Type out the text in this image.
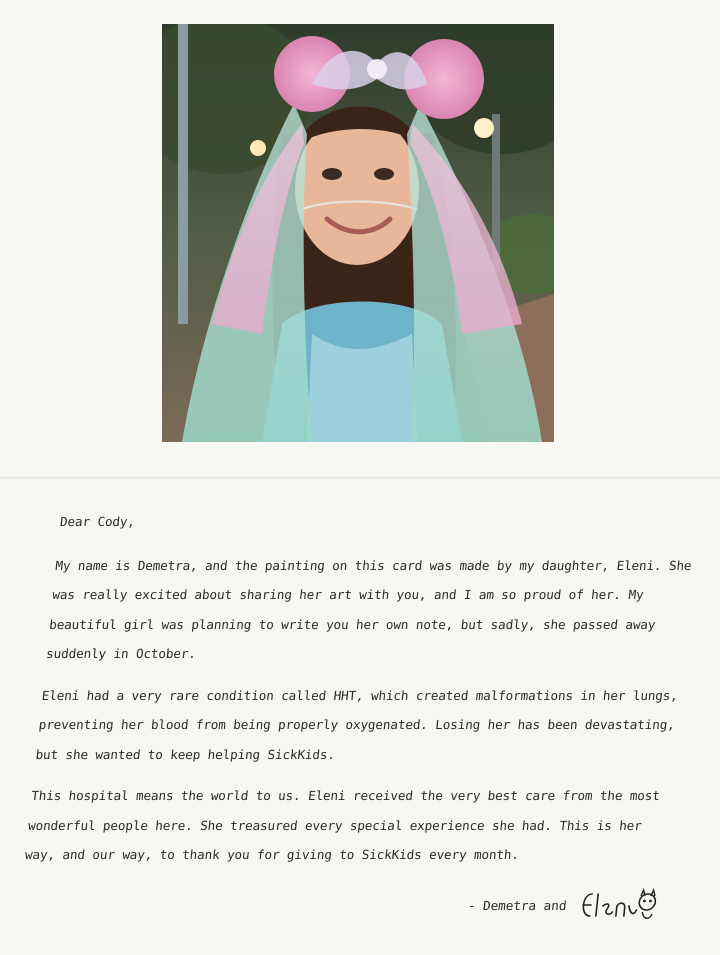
Dear Cody,

My name is Demetra, and the painting on this card was made by my daughter, Eleni. She was really excited about sharing her art with you, and I am so proud of her. My beautiful girl was planning to write you her own note, but sadly, she passed away suddenly in October.

Eleni had a very rare condition called HHT, which created malformations in her lungs, preventing her blood from being properly oxygenated. Losing her has been devastating, but she wanted to keep helping SickKids.

This hospital means the world to us. Eleni received the very best care from the most wonderful people here. She treasured every special experience she had. This is her way, and our way, to thank you for giving to SickKids every month.

- Demetra and
